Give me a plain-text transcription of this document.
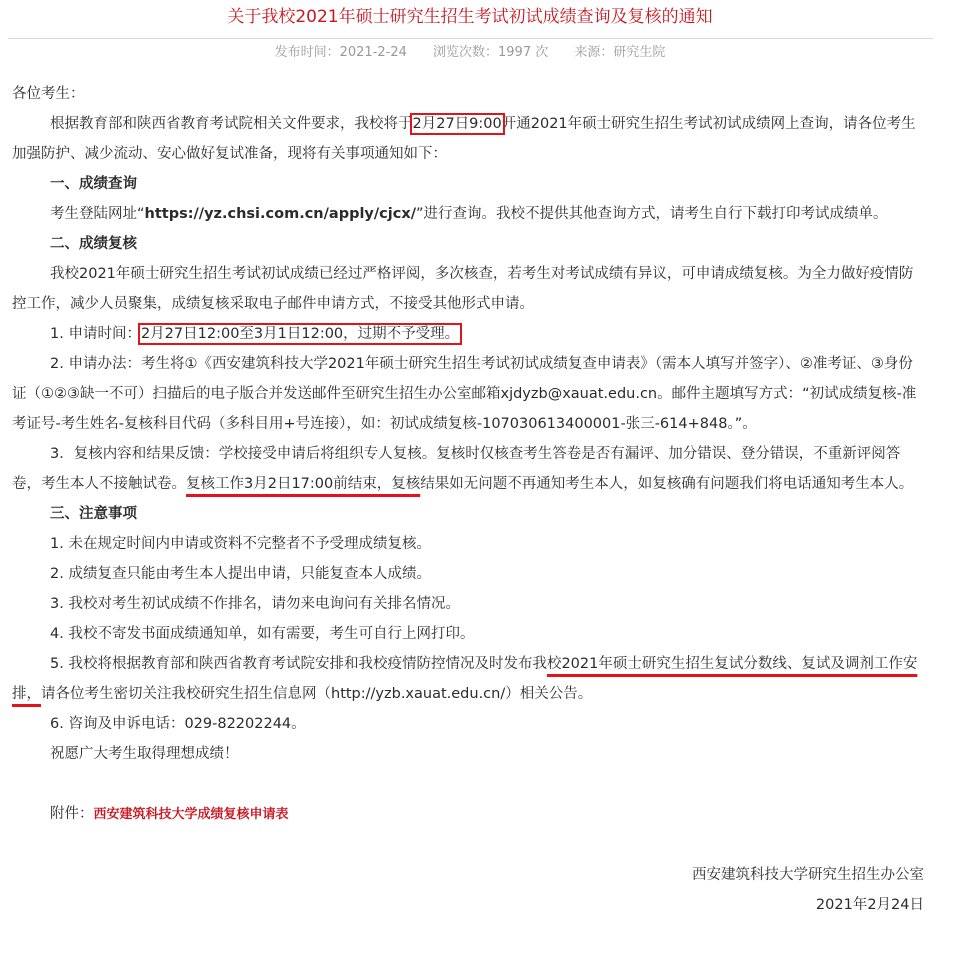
关于我校2021年硕士研究生招生考试初试成绩查询及复核的通知
发布时间：2021-2-24 浏览次数：1997 次 来源：研究生院

各位考生：

根据教育部和陕西省教育考试院相关文件要求，我校将于2月27日9:00开通2021年硕士研究生招生考试初试成绩网上查询，请各位考生加强防护、减少流动、安心做好复试准备，现将有关事项通知如下：

一、成绩查询

考生登陆网址“https://yz.chsi.com.cn/apply/cjcx/”进行查询。我校不提供其他查询方式，请考生自行下载打印考试成绩单。

二、成绩复核

我校2021年硕士研究生招生考试初试成绩已经过严格评阅，多次核查，若考生对考试成绩有异议，可申请成绩复核。为全力做好疫情防控工作，减少人员聚集，成绩复核采取电子邮件申请方式，不接受其他形式申请。

1. 申请时间：2月27日12:00至3月1日12:00，过期不予受理。

2. 申请办法：考生将①《西安建筑科技大学2021年硕士研究生招生考试初试成绩复查申请表》（需本人填写并签字）、②准考证、③身份证（①②③缺一不可）扫描后的电子版合并发送邮件至研究生招生办公室邮箱xjdyzb@xauat.edu.cn。邮件主题填写方式：“初试成绩复核-准考证号-考生姓名-复核科目代码（多科目用+号连接），如：初试成绩复核-107030613400001-张三-614+848。”。

3．复核内容和结果反馈：学校接受申请后将组织专人复核。复核时仅核查考生答卷是否有漏评、加分错误、登分错误，不重新评阅答卷，考生本人不接触试卷。复核工作3月2日17:00前结束，复核结果如无问题不再通知考生本人，如复核确有问题我们将电话通知考生本人。

三、注意事项

1. 未在规定时间内申请或资料不完整者不予受理成绩复核。

2. 成绩复查只能由考生本人提出申请，只能复查本人成绩。

3. 我校对考生初试成绩不作排名，请勿来电询问有关排名情况。

4. 我校不寄发书面成绩通知单，如有需要，考生可自行上网打印。

5. 我校将根据教育部和陕西省教育考试院安排和我校疫情防控情况及时发布我校2021年硕士研究生招生复试分数线、复试及调剂工作安排，请各位考生密切关注我校研究生招生信息网（http://yzb.xauat.edu.cn/）相关公告。

6. 咨询及申诉电话：029-82202244。

祝愿广大考生取得理想成绩！

附件：西安建筑科技大学成绩复核申请表

西安建筑科技大学研究生招生办公室

2021年2月24日
